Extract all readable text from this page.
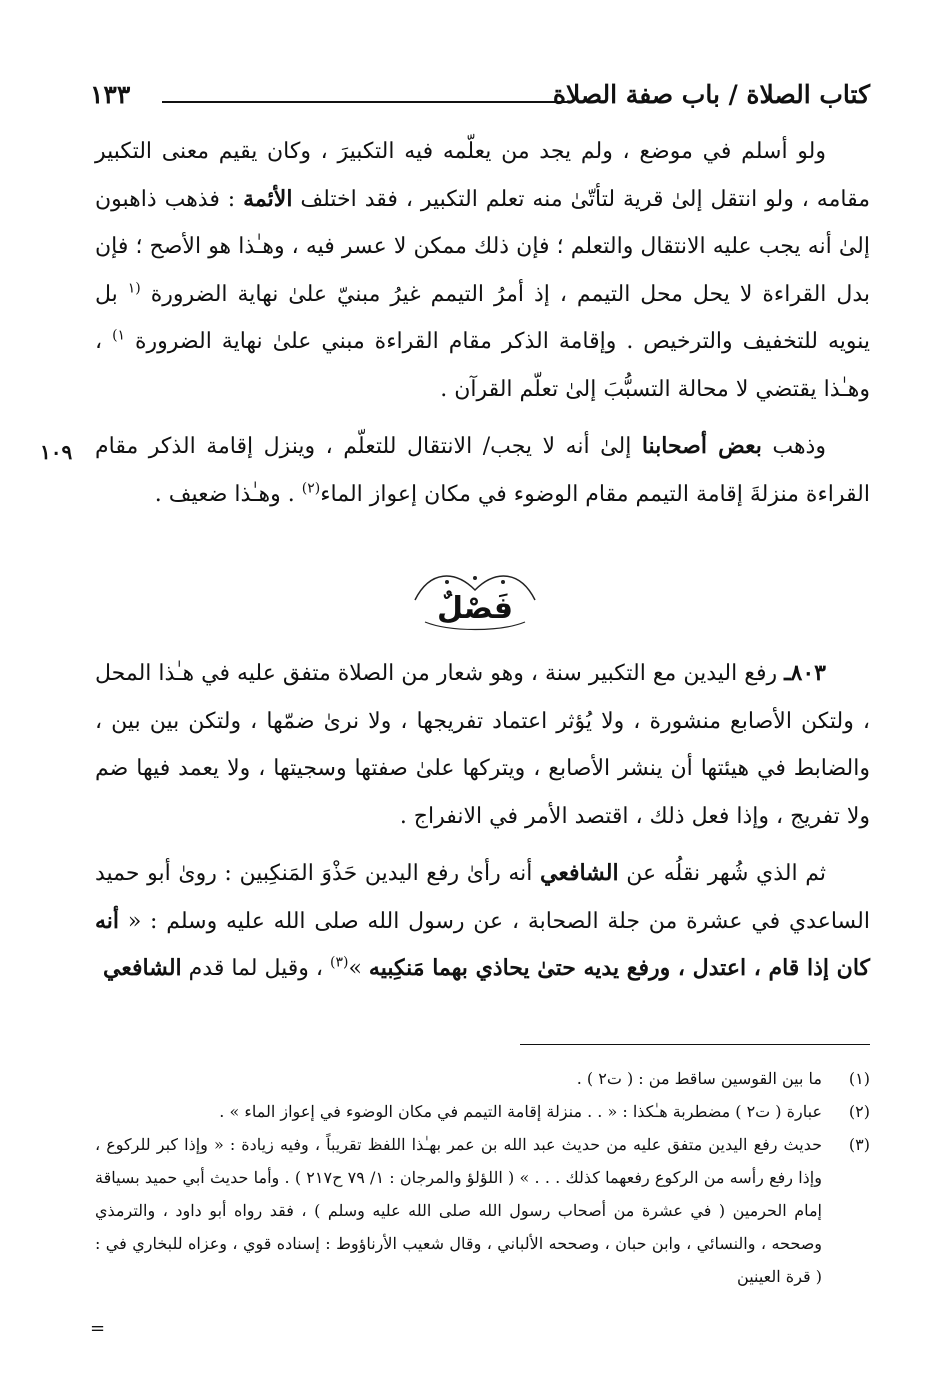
كتاب الصلاة / باب صفة الصلاة
١٣٣
١٠٩

ولو أسلم في موضع ، ولم يجد من يعلّمه فيه التكبيرَ ، وكان يقيم معنى التكبير مقامه ، ولو انتقل إلىٰ قرية لتأتّىٰ منه تعلم التكبير ، فقد اختلف الأئمة : فذهب ذاهبون إلىٰ أنه يجب عليه الانتقال والتعلم ؛ فإن ذلك ممكن لا عسر فيه ، وهـٰذا هو الأصح ؛ فإن بدل القراءة لا يحل محل التيمم ، إذ أمرُ التيمم غيرُ مبنيّ علىٰ نهاية الضرورة $^{(١}$ بل ينويه للتخفيف والترخيص . وإقامة الذكر مقام القراءة مبني علىٰ نهاية الضرورة $^{١)}$ ، وهـٰذا يقتضي لا محالة التسبُّبَ إلىٰ تعلّم القرآن .

وذهب بعض أصحابنا إلىٰ أنه لا يجب/ الانتقال للتعلّم ، وينزل إقامة الذكر مقام القراءة منزلةَ إقامة التيمم مقام الوضوء في مكان إعواز الماء$^{(٢)}$ . وهـٰذا ضعيف .

فَصْلٌ

٨٠٣ـ رفع اليدين مع التكبير سنة ، وهو شعار من الصلاة متفق عليه في هـٰذا المحل ، ولتكن الأصابع منشورة ، ولا يُؤثر اعتماد تفريجها ، ولا نرىٰ ضمّها ، ولتكن بين بين ، والضابط في هيئتها أن ينشر الأصابع ، ويتركها علىٰ صفتها وسجيتها ، ولا يعمد فيها ضم ولا تفريج ، وإذا فعل ذلك ، اقتصد الأمر في الانفراج .

ثم الذي شُهر نقلُه عن الشافعي أنه رأىٰ رفع اليدين حَذْوَ المَنكِبين : روىٰ أبو حميد الساعدي في عشرة من جلة الصحابة ، عن رسول الله صلى الله عليه وسلم : « أنه كان إذا قام ، اعتدل ، ورفع يديه حتىٰ يحاذي بهما مَنكِبيه »$^{(٣)}$ ، وقيل لما قدم الشافعي

(١)
ما بين القوسين ساقط من : ( ت٢ ) .
(٢)
عبارة ( ت٢ ) مضطربة هـٰكذا : « . . منزلة إقامة التيمم في مكان الوضوء في إعواز الماء » .
(٣)
حديث رفع اليدين متفق عليه من حديث عبد الله بن عمر بهـٰذا اللفظ تقريباً ، وفيه زيادة : « وإذا كبر للركوع ، وإذا رفع رأسه من الركوع رفعهما كذلك . . . » ( اللؤلؤ والمرجان : ١/ ٧٩ ح٢١٧ ) . وأما حديث أبي حميد بسياقة إمام الحرمين ( في عشرة من أصحاب رسول الله صلى الله عليه وسلم ) ، فقد رواه أبو داود ، والترمذي وصححه ، والنسائي ، وابن حبان ، وصححه الألباني ، وقال شعيب الأرناؤوط : إسناده قوي ، وعزاه للبخاري في : ( قرة العينين
=
